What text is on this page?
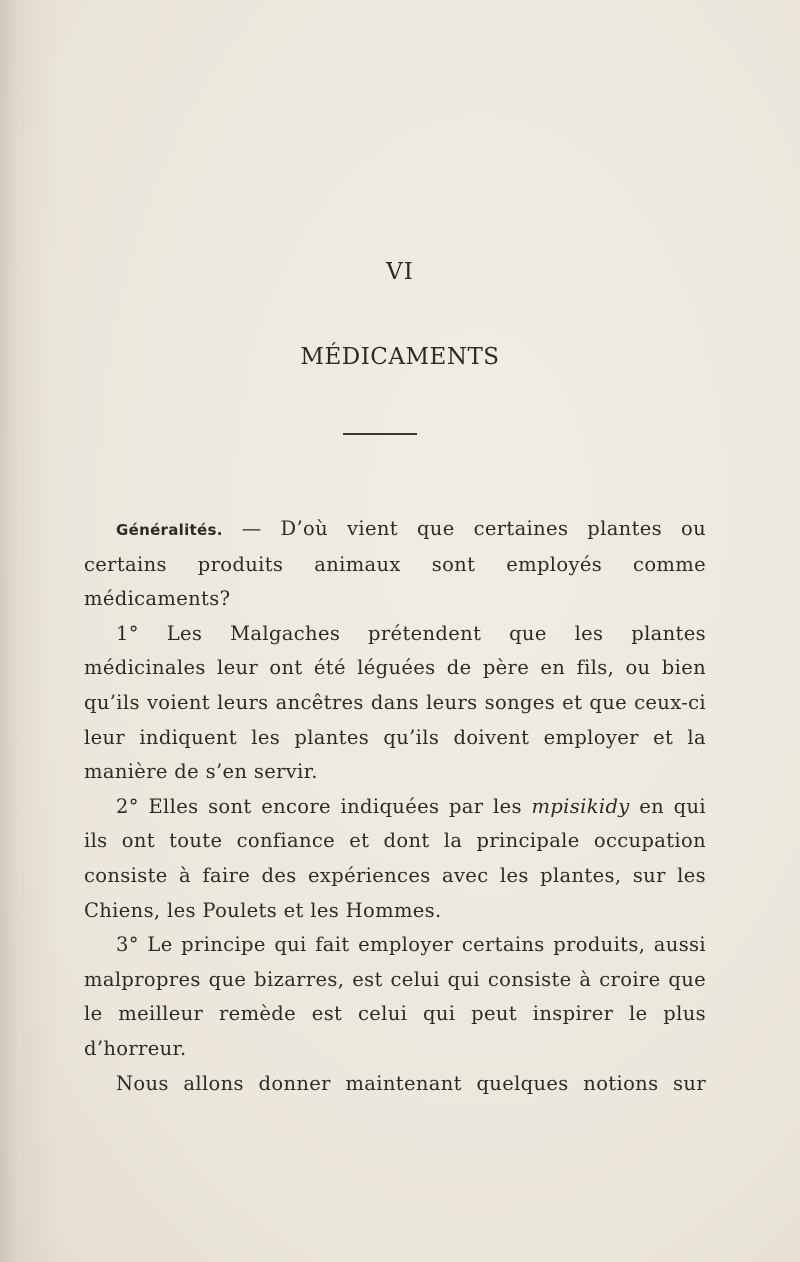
VI
MÉDICAMENTS

Généralités. — D’où vient que certaines plantes ou certains produits animaux sont employés comme médicaments?

1° Les Malgaches prétendent que les plantes médicinales leur ont été léguées de père en fils, ou bien qu’ils voient leurs ancêtres dans leurs songes et que ceux-ci leur indiquent les plantes qu’ils doivent employer et la manière de s’en servir.

2° Elles sont encore indiquées par les mpisikidy en qui ils ont toute confiance et dont la principale occupation consiste à faire des expériences avec les plantes, sur les Chiens, les Poulets et les Hommes.

3° Le principe qui fait employer certains produits, aussi malpropres que bizarres, est celui qui consiste à croire que le meilleur remède est celui qui peut inspirer le plus d’horreur.

Nous allons donner maintenant quelques notions sur
